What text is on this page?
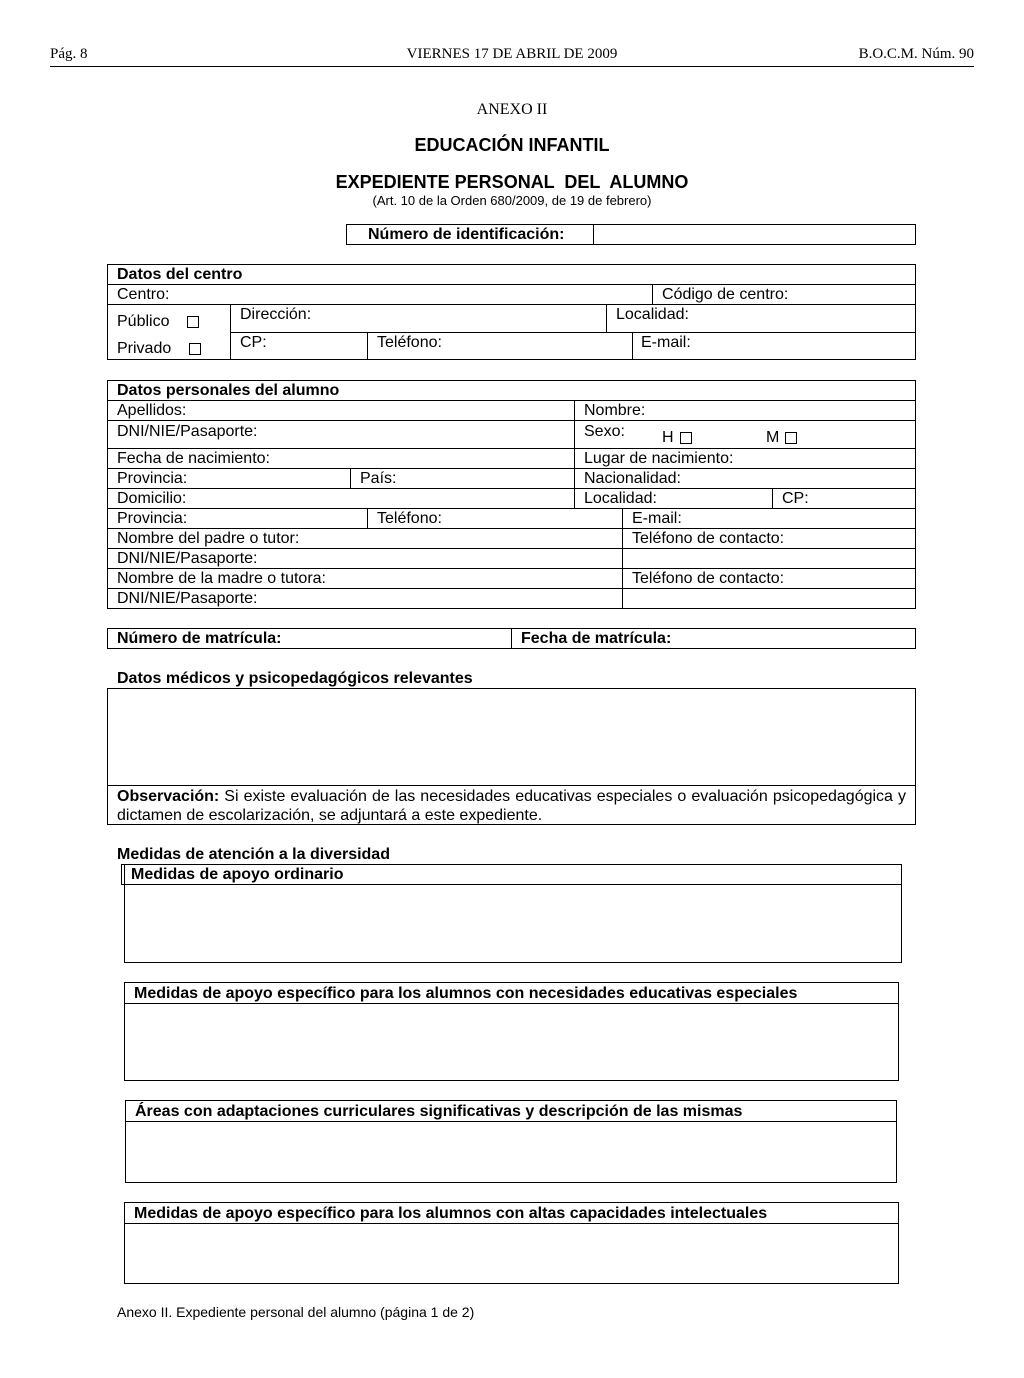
Pág. 8	VIERNES 17 DE ABRIL DE 2009	B.O.C.M. Núm. 90
ANEXO II
EDUCACIÓN INFANTIL
EXPEDIENTE PERSONAL  DEL  ALUMNO
(Art. 10 de la Orden 680/2009, de 19 de febrero)
Número de identificación:
Datos del centro
Centro:	Código de centro:
Público
Privado
Dirección:	Localidad:
CP:	Teléfono:	E-mail:
Datos personales del alumno
Apellidos:	Nombre:
DNI/NIE/Pasaporte:	Sexo: H	M
Fecha de nacimiento:	Lugar de nacimiento:
Provincia:	País:	Nacionalidad:
Domicilio:	Localidad:	CP:
Provincia:	Teléfono:	E-mail:
Nombre del padre o tutor:	Teléfono de contacto:
DNI/NIE/Pasaporte:
Nombre de la madre o tutora:	Teléfono de contacto:
DNI/NIE/Pasaporte:
Número de matrícula:	Fecha de matrícula:
Datos médicos y psicopedagógicos relevantes
Observación: Si existe evaluación de las necesidades educativas especiales o evaluación psicopedagógica y dictamen de escolarización, se adjuntará a este expediente.
Medidas de atención a la diversidad
Medidas de apoyo ordinario
Medidas de apoyo específico para los alumnos con necesidades educativas especiales
Áreas con adaptaciones curriculares significativas y descripción de las mismas
Medidas de apoyo específico para los alumnos con altas capacidades intelectuales
Anexo II. Expediente personal del alumno (página 1 de 2)
